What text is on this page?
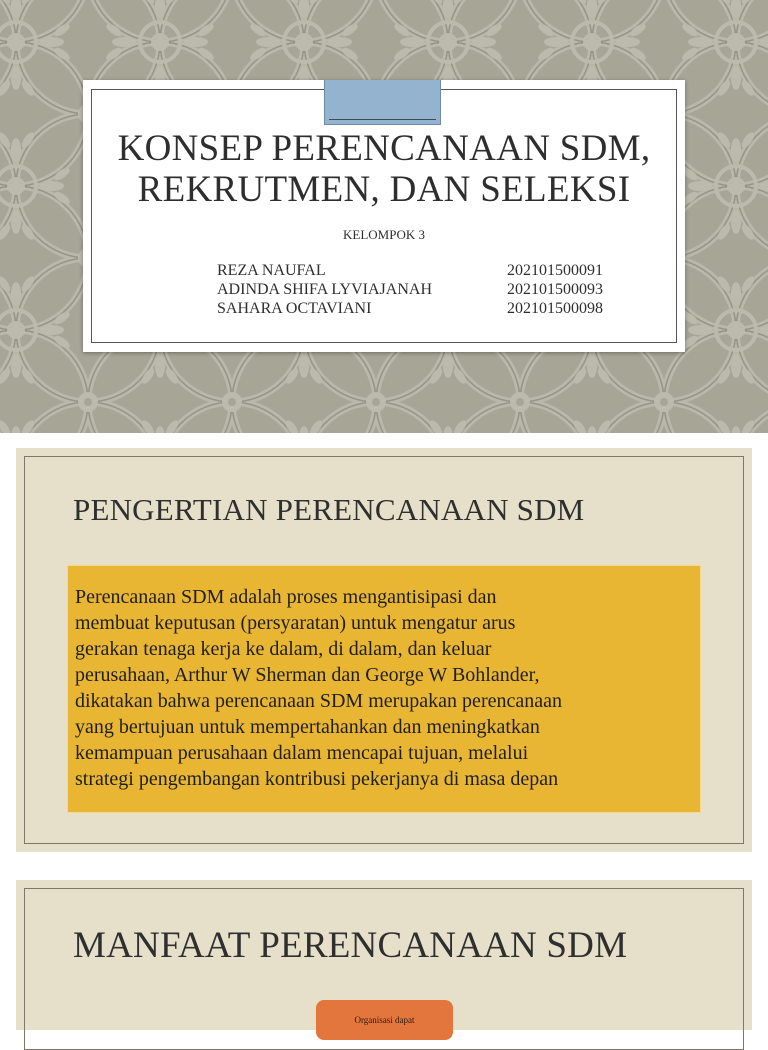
KONSEP PERENCANAAN SDM,
REKRUTMEN, DAN SELEKSI
KELOMPOK 3
REZA NAUFAL	202101500091
ADINDA SHIFA LYVIAJANAH	202101500093
SAHARA OCTAVIANI	202101500098
PENGERTIAN PERENCANAAN SDM
Perencanaan SDM adalah proses mengantisipasi dan
membuat keputusan (persyaratan) untuk mengatur arus
gerakan tenaga kerja ke dalam, di dalam, dan keluar
perusahaan, Arthur W Sherman dan George W Bohlander,
dikatakan bahwa perencanaan SDM merupakan perencanaan
yang bertujuan untuk mempertahankan dan meningkatkan
kemampuan perusahaan dalam mencapai tujuan, melalui
strategi pengembangan kontribusi pekerjanya di masa depan
MANFAAT PERENCANAAN SDM
Organisasi dapat
